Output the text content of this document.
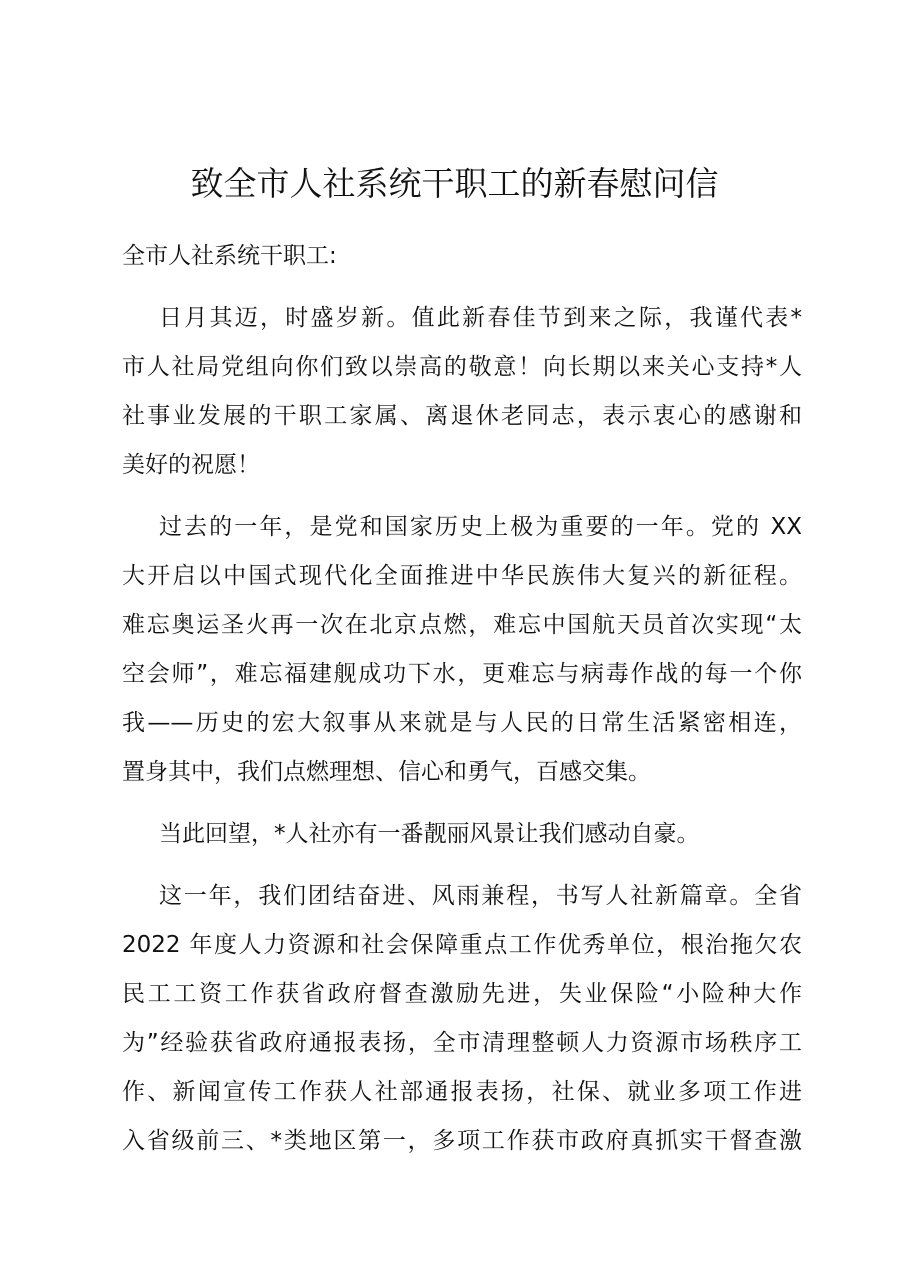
致全市人社系统干职工的新春慰问信
全市人社系统干职工:
日月其迈，时盛岁新。值此新春佳节到来之际，我谨代表*
市人社局党组向你们致以崇高的敬意！向长期以来关心支持*人
社事业发展的干职工家属、离退休老同志，表示衷心的感谢和
美好的祝愿！
过去的一年，是党和国家历史上极为重要的一年。党的 XX
大开启以中国式现代化全面推进中华民族伟大复兴的新征程。
难忘奥运圣火再一次在北京点燃，难忘中国航天员首次实现“太
空会师”，难忘福建舰成功下水，更难忘与病毒作战的每一个你
我——历史的宏大叙事从来就是与人民的日常生活紧密相连，
置身其中，我们点燃理想、信心和勇气，百感交集。
当此回望，*人社亦有一番靓丽风景让我们感动自豪。
这一年，我们团结奋进、风雨兼程，书写人社新篇章。全省
2022 年度人力资源和社会保障重点工作优秀单位，根治拖欠农
民工工资工作获省政府督查激励先进，失业保险“小险种大作
为”经验获省政府通报表扬，全市清理整顿人力资源市场秩序工
作、新闻宣传工作获人社部通报表扬，社保、就业多项工作进
入省级前三、*类地区第一，多项工作获市政府真抓实干督查激
